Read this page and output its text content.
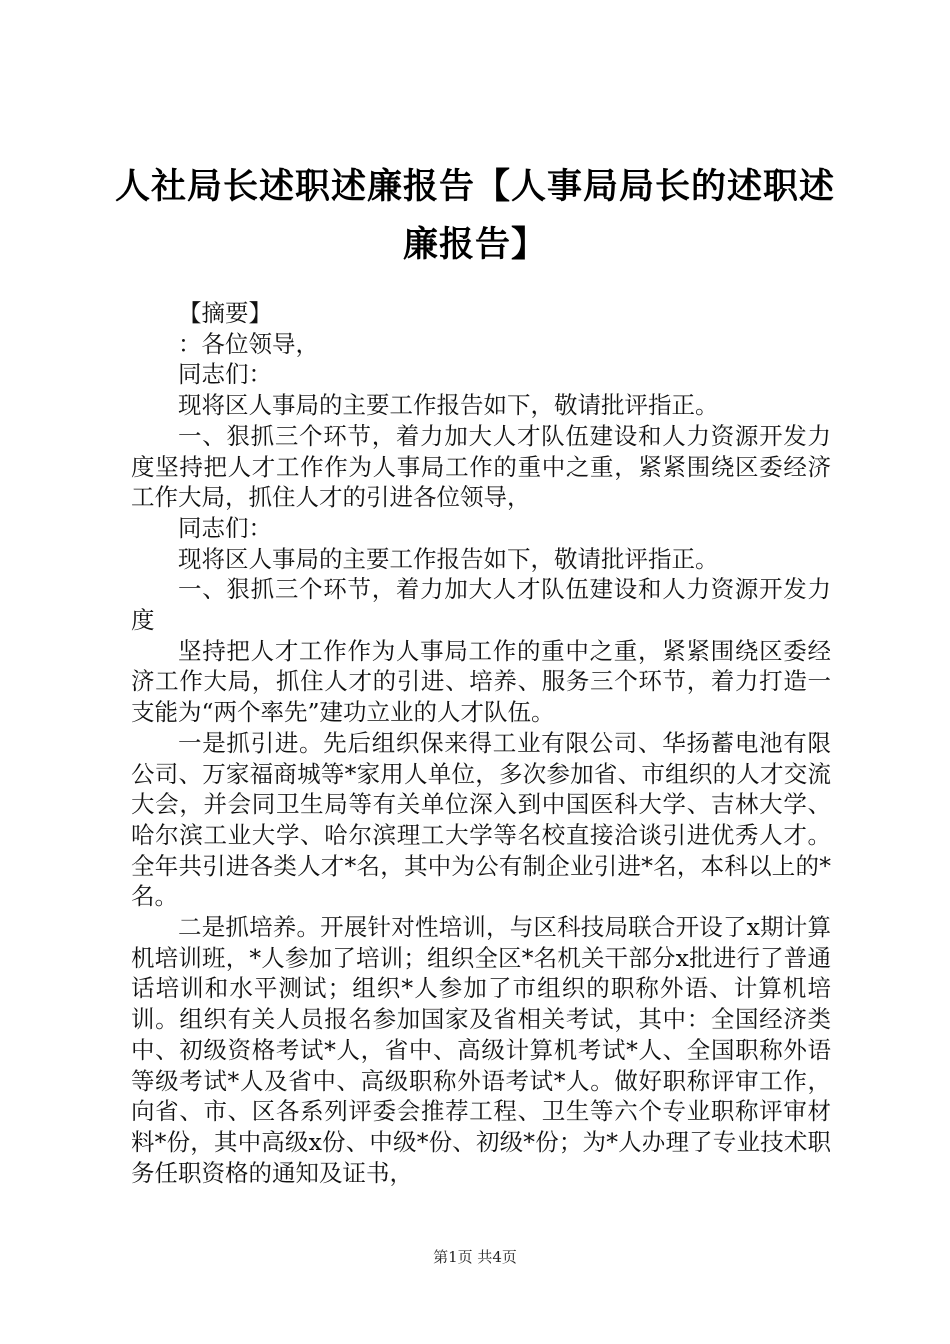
人社局长述职述廉报告【人事局局长的述职述廉报告】

【摘要】

：各位领导，

同志们：

现将区人事局的主要工作报告如下，敬请批评指正。

一、狠抓三个环节，着力加大人才队伍建设和人力资源开发力度坚持把人才工作作为人事局工作的重中之重，紧紧围绕区委经济工作大局，抓住人才的引进各位领导，

同志们：

现将区人事局的主要工作报告如下，敬请批评指正。

一、狠抓三个环节，着力加大人才队伍建设和人力资源开发力度

坚持把人才工作作为人事局工作的重中之重，紧紧围绕区委经济工作大局，抓住人才的引进、培养、服务三个环节，着力打造一支能为“两个率先”建功立业的人才队伍。

一是抓引进。先后组织保来得工业有限公司、华扬蓄电池有限公司、万家福商城等*家用人单位，多次参加省、市组织的人才交流大会，并会同卫生局等有关单位深入到中国医科大学、吉林大学、哈尔滨工业大学、哈尔滨理工大学等名校直接洽谈引进优秀人才。全年共引进各类人才*名，其中为公有制企业引进*名，本科以上的*名。

二是抓培养。开展针对性培训，与区科技局联合开设了x期计算机培训班，*人参加了培训；组织全区*名机关干部分x批进行了普通话培训和水平测试；组织*人参加了市组织的职称外语、计算机培训。组织有关人员报名参加国家及省相关考试，其中：全国经济类中、初级资格考试*人，省中、高级计算机考试*人、全国职称外语等级考试*人及省中、高级职称外语考试*人。做好职称评审工作，向省、市、区各系列评委会推荐工程、卫生等六个专业职称评审材料*份，其中高级x份、中级*份、初级*份；为*人办理了专业技术职务任职资格的通知及证书，

第1页 共4页
